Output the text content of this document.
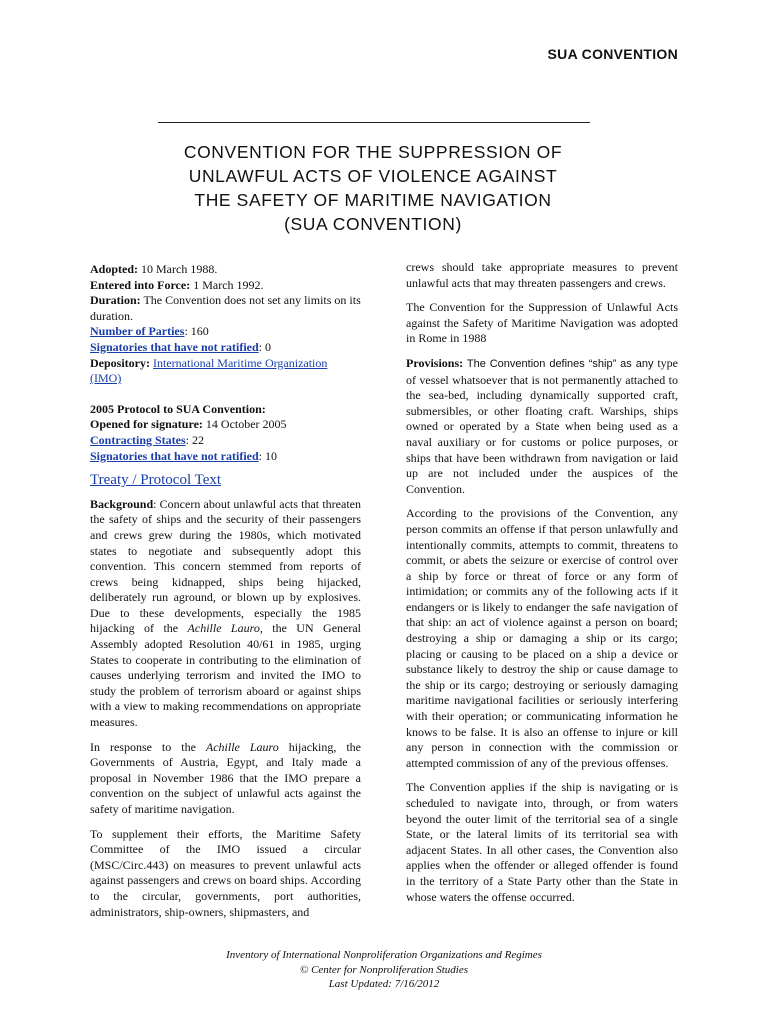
SUA CONVENTION
CONVENTION FOR THE SUPPRESSION OF
UNLAWFUL ACTS OF VIOLENCE AGAINST
THE SAFETY OF MARITIME NAVIGATION
(SUA CONVENTION)
Adopted: 10 March 1988.
Entered into Force: 1 March 1992.
Duration: The Convention does not set any limits on its duration.
Number of Parties: 160
Signatories that have not ratified: 0
Depository: International Maritime Organization (IMO)
2005 Protocol to SUA Convention:
Opened for signature: 14 October 2005
Contracting States: 22
Signatories that have not ratified: 10
Treaty / Protocol Text

Background: Concern about unlawful acts that threaten the safety of ships and the security of their passengers and crews grew during the 1980s, which motivated states to negotiate and subsequently adopt this convention. This concern stemmed from reports of crews being kidnapped, ships being hijacked, deliberately run aground, or blown up by explosives. Due to these developments, especially the 1985 hijacking of the Achille Lauro, the UN General Assembly adopted Resolution 40/61 in 1985, urging States to cooperate in contributing to the elimination of causes underlying terrorism and invited the IMO to study the problem of terrorism aboard or against ships with a view to making recommendations on appropriate measures.

In response to the Achille Lauro hijacking, the Governments of Austria, Egypt, and Italy made a proposal in November 1986 that the IMO prepare a convention on the subject of unlawful acts against the safety of maritime navigation.

To supplement their efforts, the Maritime Safety Committee of the IMO issued a circular (MSC/Circ.443) on measures to prevent unlawful acts against passengers and crews on board ships. According to the circular, governments, port authorities, administrators, ship-owners, shipmasters, and

crews should take appropriate measures to prevent unlawful acts that may threaten passengers and crews.

The Convention for the Suppression of Unlawful Acts against the Safety of Maritime Navigation was adopted in Rome in 1988

Provisions: The Convention defines “ship” as any type of vessel whatsoever that is not permanently attached to the sea-bed, including dynamically supported craft, submersibles, or other floating craft. Warships, ships owned or operated by a State when being used as a naval auxiliary or for customs or police purposes, or ships that have been withdrawn from navigation or laid up are not included under the auspices of the Convention.

According to the provisions of the Convention, any person commits an offense if that person unlawfully and intentionally commits, attempts to commit, threatens to commit, or abets the seizure or exercise of control over a ship by force or threat of force or any form of intimidation; or commits any of the following acts if it endangers or is likely to endanger the safe navigation of that ship: an act of violence against a person on board; destroying a ship or damaging a ship or its cargo; placing or causing to be placed on a ship a device or substance likely to destroy the ship or cause damage to the ship or its cargo; destroying or seriously damaging maritime navigational facilities or seriously interfering with their operation; or communicating information he knows to be false. It is also an offense to injure or kill any person in connection with the commission or attempted commission of any of the previous offenses.

The Convention applies if the ship is navigating or is scheduled to navigate into, through, or from waters beyond the outer limit of the territorial sea of a single State, or the lateral limits of its territorial sea with adjacent States. In all other cases, the Convention also applies when the offender or alleged offender is found in the territory of a State Party other than the State in whose waters the offense occurred.

Inventory of International Nonproliferation Organizations and Regimes
© Center for Nonproliferation Studies
Last Updated: 7/16/2012
